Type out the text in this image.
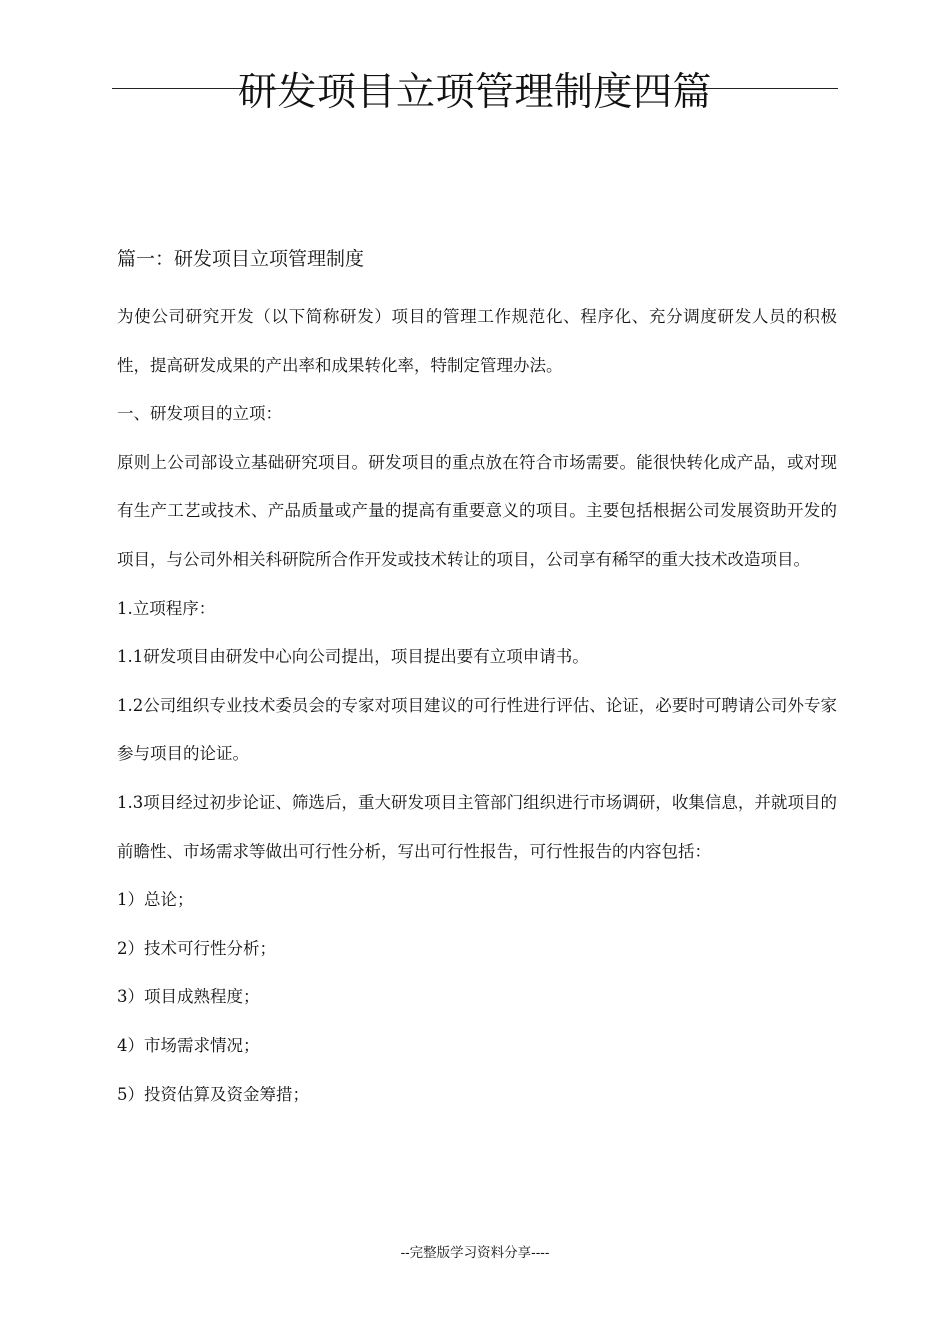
研发项目立项管理制度四篇
篇一：研发项目立项管理制度

为使公司研究开发（以下简称研发）项目的管理工作规范化、程序化、充分调度研发人员的积极性，提高研发成果的产出率和成果转化率，特制定管理办法。

一、研发项目的立项：

原则上公司部设立基础研究项目。研发项目的重点放在符合市场需要。能很快转化成产品，或对现有生产工艺或技术、产品质量或产量的提高有重要意义的项目。主要包括根据公司发展资助开发的项目，与公司外相关科研院所合作开发或技术转让的项目，公司享有稀罕的重大技术改造项目。

1.立项程序：

1.1研发项目由研发中心向公司提出，项目提出要有立项申请书。

1.2公司组织专业技术委员会的专家对项目建议的可行性进行评估、论证，必要时可聘请公司外专家参与项目的论证。

1.3项目经过初步论证、筛选后，重大研发项目主管部门组织进行市场调研，收集信息，并就项目的前瞻性、市场需求等做出可行性分析，写出可行性报告，可行性报告的内容包括：

1）总论；

2）技术可行性分析；

3）项目成熟程度；

4）市场需求情况；

5）投资估算及资金筹措；

--完整版学习资料分享----
